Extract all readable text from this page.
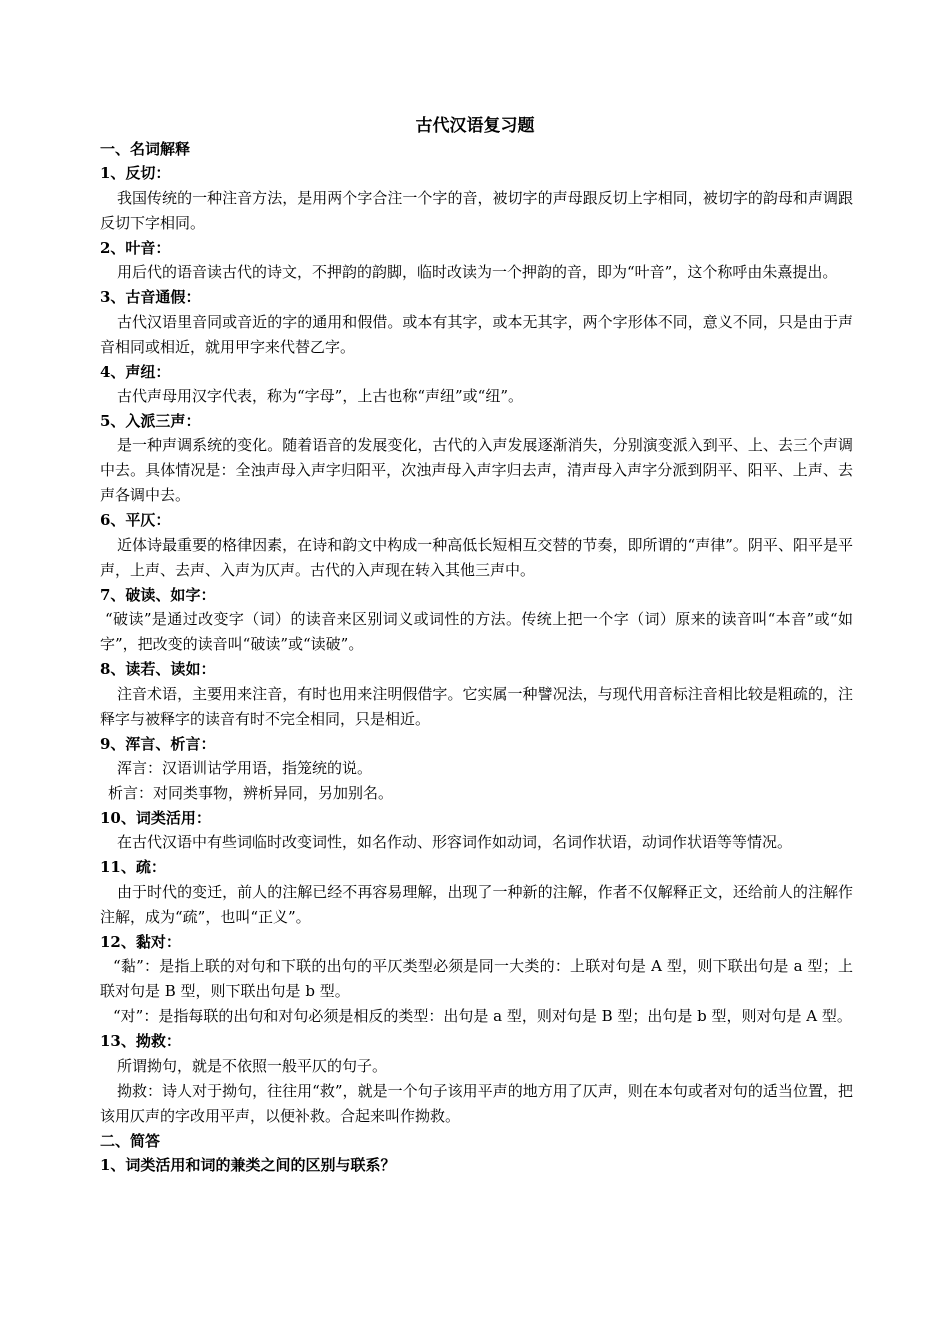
古代汉语复习题
一、名词解释
1、反切：

我国传统的一种注音方法，是用两个字合注一个字的音，被切字的声母跟反切上字相同，被切字的韵母和声调跟反切下字相同。

2、叶音：

用后代的语音读古代的诗文，不押韵的韵脚，临时改读为一个押韵的音，即为“叶音”，这个称呼由朱熹提出。

3、古音通假：

古代汉语里音同或音近的字的通用和假借。或本有其字，或本无其字，两个字形体不同，意义不同，只是由于声音相同或相近，就用甲字来代替乙字。

4、声纽：

古代声母用汉字代表，称为“字母”，上古也称“声纽”或“纽”。

5、入派三声：

是一种声调系统的变化。随着语音的发展变化，古代的入声发展逐渐消失，分别演变派入到平、上、去三个声调中去。具体情况是：全浊声母入声字归阳平，次浊声母入声字归去声，清声母入声字分派到阴平、阳平、上声、去声各调中去。

6、平仄：

近体诗最重要的格律因素，在诗和韵文中构成一种高低长短相互交替的节奏，即所谓的“声律”。阴平、阳平是平声，上声、去声、入声为仄声。古代的入声现在转入其他三声中。

7、破读、如字：

“破读”是通过改变字（词）的读音来区别词义或词性的方法。传统上把一个字（词）原来的读音叫“本音”或“如字”，把改变的读音叫“破读”或“读破”。

8、读若、读如：

注音术语，主要用来注音，有时也用来注明假借字。它实属一种譬况法，与现代用音标注音相比较是粗疏的，注释字与被释字的读音有时不完全相同，只是相近。

9、浑言、析言：

浑言：汉语训诂学用语，指笼统的说。

析言：对同类事物，辨析异同，另加别名。

10、词类活用：

在古代汉语中有些词临时改变词性，如名作动、形容词作如动词，名词作状语，动词作状语等等情况。

11、疏：

由于时代的变迁，前人的注解已经不再容易理解，出现了一种新的注解，作者不仅解释正文，还给前人的注解作注解，成为“疏”，也叫“正义”。

12、黏对：

“黏”：是指上联的对句和下联的出句的平仄类型必须是同一大类的：上联对句是 A 型，则下联出句是 a 型；上联对句是 B 型，则下联出句是 b 型。

“对”：是指每联的出句和对句必须是相反的类型：出句是 a 型，则对句是 B 型；出句是 b 型，则对句是 A 型。

13、拗救：

所谓拗句，就是不依照一般平仄的句子。

拗救：诗人对于拗句，往往用“救”，就是一个句子该用平声的地方用了仄声，则在本句或者对句的适当位置，把该用仄声的字改用平声，以便补救。合起来叫作拗救。

二、简答
1、词类活用和词的兼类之间的区别与联系？
